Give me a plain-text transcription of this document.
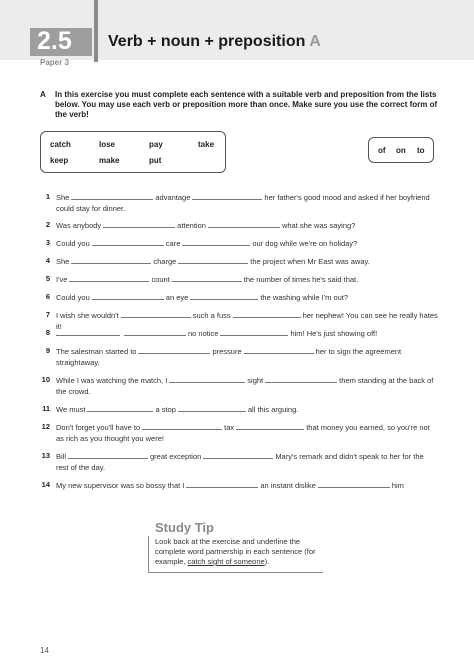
2.5 Verb + noun + preposition A
Paper 3
A In this exercise you must complete each sentence with a suitable verb and preposition from the lists below. You may use each verb or preposition more than once. Make sure you use the correct form of the verb!
catch	lose	pay	take
keep	make	put
of on to
1 She	advantage	her father's good mood and asked if her boyfriend could stay for dinner.
2 Was anybody	attention	what she was saying?
3 Could you	care	our dog while we're on holiday?
4 She	charge	the project when Mr East was away.
5 I've	count	the number of times he's said that.
6 Could you	an eye	the washing while I'm out?
7 I wish she wouldn't	such a fuss	her nephew! You can see he really hates it!
8	no notice	him! He's just showing off!
9 The salesman started to	pressure	her to sign the agreement straightaway.
10 While I was watching the match, I	sight	them standing at the back of the crowd.
11 We must	a stop	all this arguing.
12 Don't forget you'll have to	tax	that money you earned, so you're not as rich as you thought you were!
13 Bill	great exception	Mary's remark and didn't speak to her for the rest of the day.
14 My new supervisor was so bossy that I	an instant dislike	him
Study Tip
Look back at the exercise and underline the complete word partnership in each sentence (for example, catch sight of someone).
14
